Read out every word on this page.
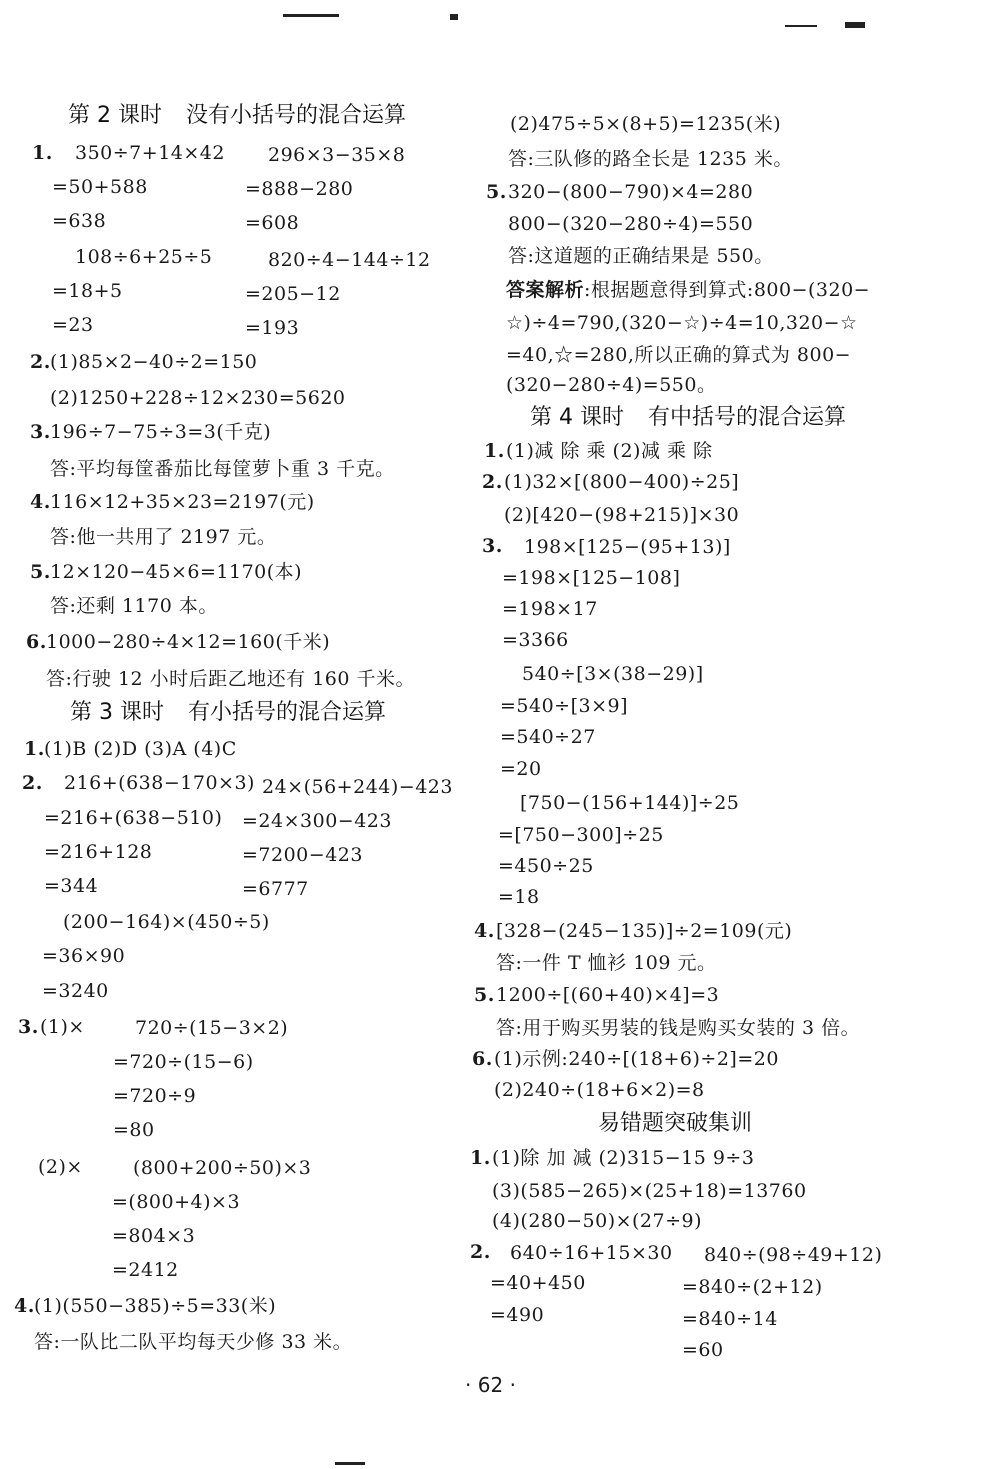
第 2 课时 没有小括号的混合运算
1. 350÷7+14×42 296×3−35×8
=50+588	=888−280
=638	=608
108÷6+25÷5	820÷4−144÷12
=18+5	=205−12
=23	=193
2. (1)85×2−40÷2=150
(2)1250+228÷12×230=5620
3. 196÷7−75÷3=3(千克)
答:平均每筐番茄比每筐萝卜重 3 千克。
4. 116×12+35×23=2197(元)
答:他一共用了 2197 元。
5. 12×120−45×6=1170(本)
答:还剩 1170 本。
6. 1000−280÷4×12=160(千米)
答:行驶 12 小时后距乙地还有 160 千米。
第 3 课时 有小括号的混合运算
1. (1)B (2)D (3)A (4)C
2. 216+(638−170×3) 24×(56+244)−423
=216+(638−510) =24×300−423
=216+128	=7200−423
=344	=6777
(200−164)×(450÷5)
=36×90
=3240
3. (1)×	720÷(15−3×2)
=720÷(15−6)
=720÷9
=80
(2)×	(800+200÷50)×3
=(800+4)×3
=804×3
=2412
4. (1)(550−385)÷5=33(米)
答:一队比二队平均每天少修 33 米。
(2)475÷5×(8+5)=1235(米)
答:三队修的路全长是 1235 米。
5. 320−(800−790)×4=280
800−(320−280÷4)=550
答:这道题的正确结果是 550。
答案解析:根据题意得到算式:800−(320−
☆)÷4=790,(320−☆)÷4=10,320−☆
=40,☆=280,所以正确的算式为 800−
(320−280÷4)=550。
第 4 课时 有中括号的混合运算
1. (1)减 除 乘 (2)减 乘 除
2. (1)32×[(800−400)÷25]
(2)[420−(98+215)]×30
3. 198×[125−(95+13)]
=198×[125−108]
=198×17
=3366
540÷[3×(38−29)]
=540÷[3×9]
=540÷27
=20
[750−(156+144)]÷25
=[750−300]÷25
=450÷25
=18
4. [328−(245−135)]÷2=109(元)
答:一件 T 恤衫 109 元。
5. 1200÷[(60+40)×4]=3
答:用于购买男装的钱是购买女装的 3 倍。
6. (1)示例:240÷[(18+6)÷2]=20
(2)240÷(18+6×2)=8
易错题突破集训
1. (1)除 加 减 (2)315−15 9÷3
(3)(585−265)×(25+18)=13760
(4)(280−50)×(27÷9)
2. 640÷16+15×30 840÷(98÷49+12)
=40+450	=840÷(2+12)
=490	=840÷14
=60
· 62 ·
